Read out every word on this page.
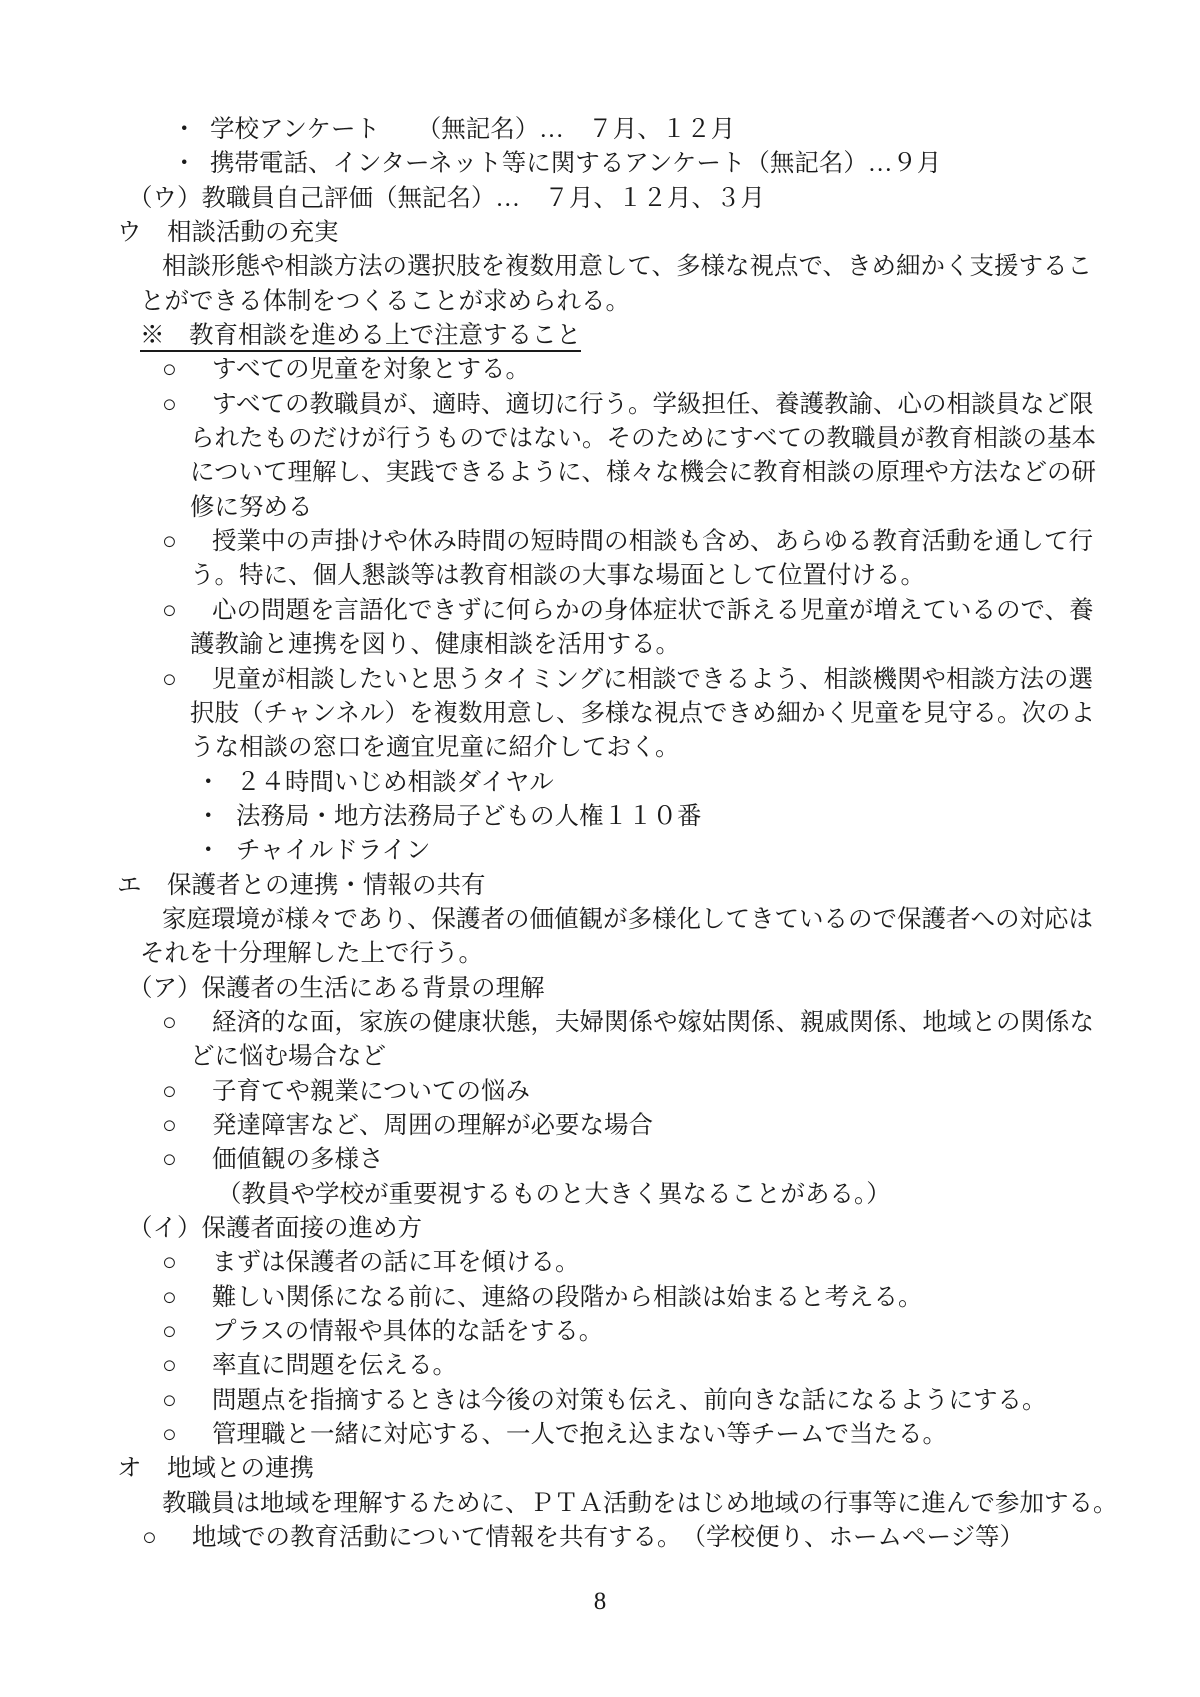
・ 学校アンケート　　（無記名）…　７月、１２月
・ 携帯電話、インターネット等に関するアンケート（無記名）…９月
（ウ）教職員自己評価（無記名）…　７月、１２月、３月
ウ 相談活動の充実
相談形態や相談方法の選択肢を複数用意して、多様な視点で、きめ細かく支援するこ
とができる体制をつくることが求められる。
※　教育相談を進める上で注意すること
○ すべての児童を対象とする。
○ すべての教職員が、適時、適切に行う。学級担任、養護教諭、心の相談員など限
られたものだけが行うものではない。そのためにすべての教職員が教育相談の基本
について理解し、実践できるように、様々な機会に教育相談の原理や方法などの研
修に努める
○ 授業中の声掛けや休み時間の短時間の相談も含め、あらゆる教育活動を通して行
う。特に、個人懇談等は教育相談の大事な場面として位置付ける。
○ 心の問題を言語化できずに何らかの身体症状で訴える児童が増えているので、養
護教諭と連携を図り、健康相談を活用する。
○ 児童が相談したいと思うタイミングに相談できるよう、相談機関や相談方法の選
択肢（チャンネル）を複数用意し、多様な視点できめ細かく児童を見守る。次のよ
うな相談の窓口を適宜児童に紹介しておく。
・ ２４時間いじめ相談ダイヤル
・ 法務局・地方法務局子どもの人権１１０番
・ チャイルドライン
エ 保護者との連携・情報の共有
家庭環境が様々であり、保護者の価値観が多様化してきているので保護者への対応は
それを十分理解した上で行う。
（ア）保護者の生活にある背景の理解
○ 経済的な面，家族の健康状態，夫婦関係や嫁姑関係、親戚関係、地域との関係な
どに悩む場合など
○ 子育てや親業についての悩み
○ 発達障害など、周囲の理解が必要な場合
○ 価値観の多様さ
（教員や学校が重要視するものと大きく異なることがある。）
（イ）保護者面接の進め方
○ まずは保護者の話に耳を傾ける。
○ 難しい関係になる前に、連絡の段階から相談は始まると考える。
○ プラスの情報や具体的な話をする。
○ 率直に問題を伝える。
○ 問題点を指摘するときは今後の対策も伝え、前向きな話になるようにする。
○ 管理職と一緒に対応する、一人で抱え込まない等チームで当たる。
オ 地域との連携
教職員は地域を理解するために、ＰＴＡ活動をはじめ地域の行事等に進んで参加する。
○ 地域での教育活動について情報を共有する。　（学校便り、ホームページ等）
8
